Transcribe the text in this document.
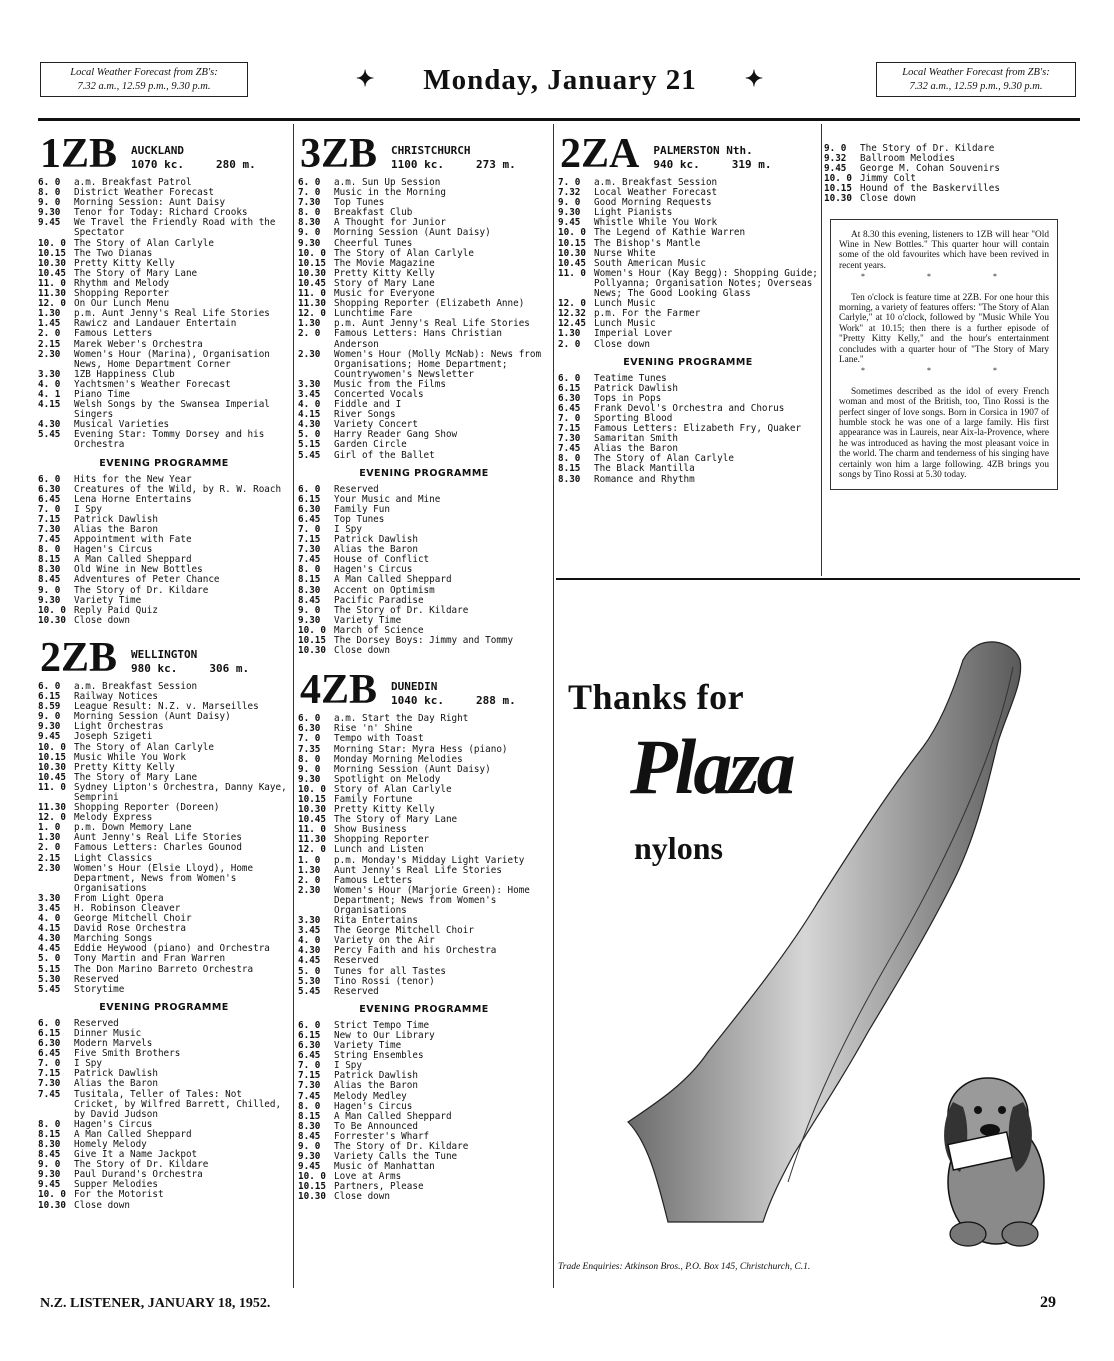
Local Weather Forecast from ZB's:
7.32 a.m., 12.59 p.m., 9.30 p.m.	✦ Monday, January 21 ✦	Local Weather Forecast from ZB's:
7.32 a.m., 12.59 p.m., 9.30 p.m.
1ZB AUCKLAND
1070 kc.	280 m.
6. 0	a.m. Breakfast Patrol
8. 0	District Weather Forecast
9. 0	Morning Session: Aunt Daisy
9.30	Tenor for Today: Richard Crooks
9.45	We Travel the Friendly Road with the Spectator
10. 0 The Story of Alan Carlyle
10.15 The Two Dianas
10.30 Pretty Kitty Kelly
10.45 The Story of Mary Lane
11. 0 Rhythm and Melody
11.30 Shopping Reporter
12. 0 On Our Lunch Menu
1.30	p.m. Aunt Jenny's Real Life Stories
1.45	Rawicz and Landauer Entertain
2. 0	Famous Letters
2.15	Marek Weber's Orchestra
2.30	Women's Hour (Marina), Organisation News, Home Department Corner
3.30	1ZB Happiness Club
4. 0	Yachtsmen's Weather Forecast
4. 1	Piano Time
4.15	Welsh Songs by the Swansea Imperial Singers
4.30	Musical Varieties
5.45	Evening Star: Tommy Dorsey and his Orchestra
EVENING PROGRAMME
6. 0	Hits for the New Year
6.30	Creatures of the Wild, by R. W. Roach
6.45	Lena Horne Entertains
7. 0	I Spy
7.15	Patrick Dawlish
7.30	Alias the Baron
7.45	Appointment with Fate
8. 0	Hagen's Circus
8.15	A Man Called Sheppard
8.30	Old Wine in New Bottles
8.45	Adventures of Peter Chance
9. 0	The Story of Dr. Kildare
9.30	Variety Time
10. 0 Reply Paid Quiz
10.30 Close down
2ZB WELLINGTON
980 kc.	306 m.
6. 0	a.m. Breakfast Session
6.15	Railway Notices
8.59	League Result: N.Z. v. Marseilles
9. 0	Morning Session (Aunt Daisy)
9.30	Light Orchestras
9.45	Joseph Szigeti
10. 0 The Story of Alan Carlyle
10.15 Music While You Work
10.30 Pretty Kitty Kelly
10.45 The Story of Mary Lane
11. 0 Sydney Lipton's Orchestra, Danny Kaye, Semprini
11.30 Shopping Reporter (Doreen)
12. 0 Melody Express
1. 0	p.m. Down Memory Lane
1.30	Aunt Jenny's Real Life Stories
2. 0	Famous Letters: Charles Gounod
2.15	Light Classics
2.30	Women's Hour (Elsie Lloyd), Home Department, News from Women's Organisations
3.30	From Light Opera
3.45	H. Robinson Cleaver
4. 0	George Mitchell Choir
4.15	David Rose Orchestra
4.30	Marching Songs
4.45	Eddie Heywood (piano) and Orchestra
5. 0	Tony Martin and Fran Warren
5.15	The Don Marino Barreto Orchestra
5.30	Reserved
5.45	Storytime
EVENING PROGRAMME
6. 0	Reserved
6.15	Dinner Music
6.30	Modern Marvels
6.45	Five Smith Brothers
7. 0	I Spy
7.15	Patrick Dawlish
7.30	Alias the Baron
7.45	Tusitala, Teller of Tales: Not Cricket, by Wilfred Barrett, Chilled, by David Judson
8. 0	Hagen's Circus
8.15	A Man Called Sheppard
8.30	Homely Melody
8.45	Give It a Name Jackpot
9. 0	The Story of Dr. Kildare
9.30	Paul Durand's Orchestra
9.45	Supper Melodies
10. 0 For the Motorist
10.30 Close down
3ZB CHRISTCHURCH
1100 kc.	273 m.
6. 0	a.m. Sun Up Session
7. 0	Music in the Morning
7.30	Top Tunes
8. 0	Breakfast Club
8.30	A Thought for Junior
9. 0	Morning Session (Aunt Daisy)
9.30	Cheerful Tunes
10. 0 The Story of Alan Carlyle
10.15 The Movie Magazine
10.30 Pretty Kitty Kelly
10.45 Story of Mary Lane
11. 0 Music for Everyone
11.30 Shopping Reporter (Elizabeth Anne)
12. 0 Lunchtime Fare
1.30	p.m. Aunt Jenny's Real Life Stories
2. 0	Famous Letters: Hans Christian Anderson
2.30	Women's Hour (Molly McNab): News from Organisations; Home Department; Countrywomen's Newsletter
3.30	Music from the Films
3.45	Concerted Vocals
4. 0	Fiddle and I
4.15	River Songs
4.30	Variety Concert
5. 0	Harry Reader Gang Show
5.15	Garden Circle
5.45	Girl of the Ballet
EVENING PROGRAMME
6. 0	Reserved
6.15	Your Music and Mine
6.30	Family Fun
6.45	Top Tunes
7. 0	I Spy
7.15	Patrick Dawlish
7.30	Alias the Baron
7.45	House of Conflict
8. 0	Hagen's Circus
8.15	A Man Called Sheppard
8.30	Accent on Optimism
8.45	Pacific Paradise
9. 0	The Story of Dr. Kildare
9.30	Variety Time
10. 0 March of Science
10.15 The Dorsey Boys: Jimmy and Tommy
10.30 Close down
4ZB DUNEDIN
1040 kc.	288 m.
6. 0	a.m. Start the Day Right
6.30	Rise 'n' Shine
7. 0	Tempo with Toast
7.35	Morning Star: Myra Hess (piano)
8. 0	Monday Morning Melodies
9. 0	Morning Session (Aunt Daisy)
9.30	Spotlight on Melody
10. 0 Story of Alan Carlyle
10.15 Family Fortune
10.30 Pretty Kitty Kelly
10.45 The Story of Mary Lane
11. 0 Show Business
11.30 Shopping Reporter
12. 0 Lunch and Listen
1. 0	p.m. Monday's Midday Light Variety
1.30	Aunt Jenny's Real Life Stories
2. 0	Famous Letters
2.30	Women's Hour (Marjorie Green): Home Department; News from Women's Organisations
3.30	Rita Entertains
3.45	The George Mitchell Choir
4. 0	Variety on the Air
4.30	Percy Faith and his Orchestra
4.45	Reserved
5. 0	Tunes for all Tastes
5.30	Tino Rossi (tenor)
5.45	Reserved
EVENING PROGRAMME
6. 0	Strict Tempo Time
6.15	New to Our Library
6.30	Variety Time
6.45	String Ensembles
7. 0	I Spy
7.15	Patrick Dawlish
7.30	Alias the Baron
7.45	Melody Medley
8. 0	Hagen's Circus
8.15	A Man Called Sheppard
8.30	To Be Announced
8.45	Forrester's Wharf
9. 0	The Story of Dr. Kildare
9.30	Variety Calls the Tune
9.45	Music of Manhattan
10. 0 Love at Arms
10.15 Partners, Please
10.30 Close down
2ZA PALMERSTON Nth.
940 kc.	319 m.
7. 0	a.m. Breakfast Session
7.32	Local Weather Forecast
9. 0	Good Morning Requests
9.30	Light Pianists
9.45	Whistle While You Work
10. 0 The Legend of Kathie Warren
10.15 The Bishop's Mantle
10.30 Nurse White
10.45 South American Music
11. 0 Women's Hour (Kay Begg): Shopping Guide; Pollyanna; Organisation Notes; Overseas News; The Good Looking Glass
12. 0 Lunch Music
12.32 p.m. For the Farmer
12.45 Lunch Music
1.30	Imperial Lover
2. 0	Close down
EVENING PROGRAMME
6. 0	Teatime Tunes
6.15	Patrick Dawlish
6.30	Tops in Pops
6.45	Frank Devol's Orchestra and Chorus
7. 0	Sporting Blood
7.15	Famous Letters: Elizabeth Fry, Quaker
7.30	Samaritan Smith
7.45	Alias the Baron
8. 0	The Story of Alan Carlyle
8.15	The Black Mantilla
8.30	Romance and Rhythm
9. 0	The Story of Dr. Kildare
9.32	Ballroom Melodies
9.45	George M. Cohan Souvenirs
10. 0 Jimmy Colt
10.15 Hound of the Baskervilles
10.30 Close down

At 8.30 this evening, listeners to 1ZB will hear "Old Wine in New Bottles." This quarter hour will contain some of the old favourites which have been revived in recent years.

* * *

Ten o'clock is feature time at 2ZB. For one hour this morning, a variety of features offers: "The Story of Alan Carlyle," at 10 o'clock, followed by "Music While You Work" at 10.15; then there is a further episode of "Pretty Kitty Kelly," and the hour's entertainment concludes with a quarter hour of "The Story of Mary Lane."

* * *

Sometimes described as the idol of every French woman and most of the British, too, Tino Rossi is the perfect singer of love songs. Born in Corsica in 1907 of humble stock he was one of a large family. His first appearance was in Laureis, near Aix-la-Provence, where he was introduced as having the most pleasant voice in the world. The charm and tenderness of his singing have certainly won him a large following. 4ZB brings you songs by Tino Rossi at 5.30 today.

Thanks for
Plaza
nylons
Trade Enquiries: Atkinson Bros., P.O. Box 145, Christchurch, C.1.
N.Z. LISTENER, JANUARY 18, 1952.	29
